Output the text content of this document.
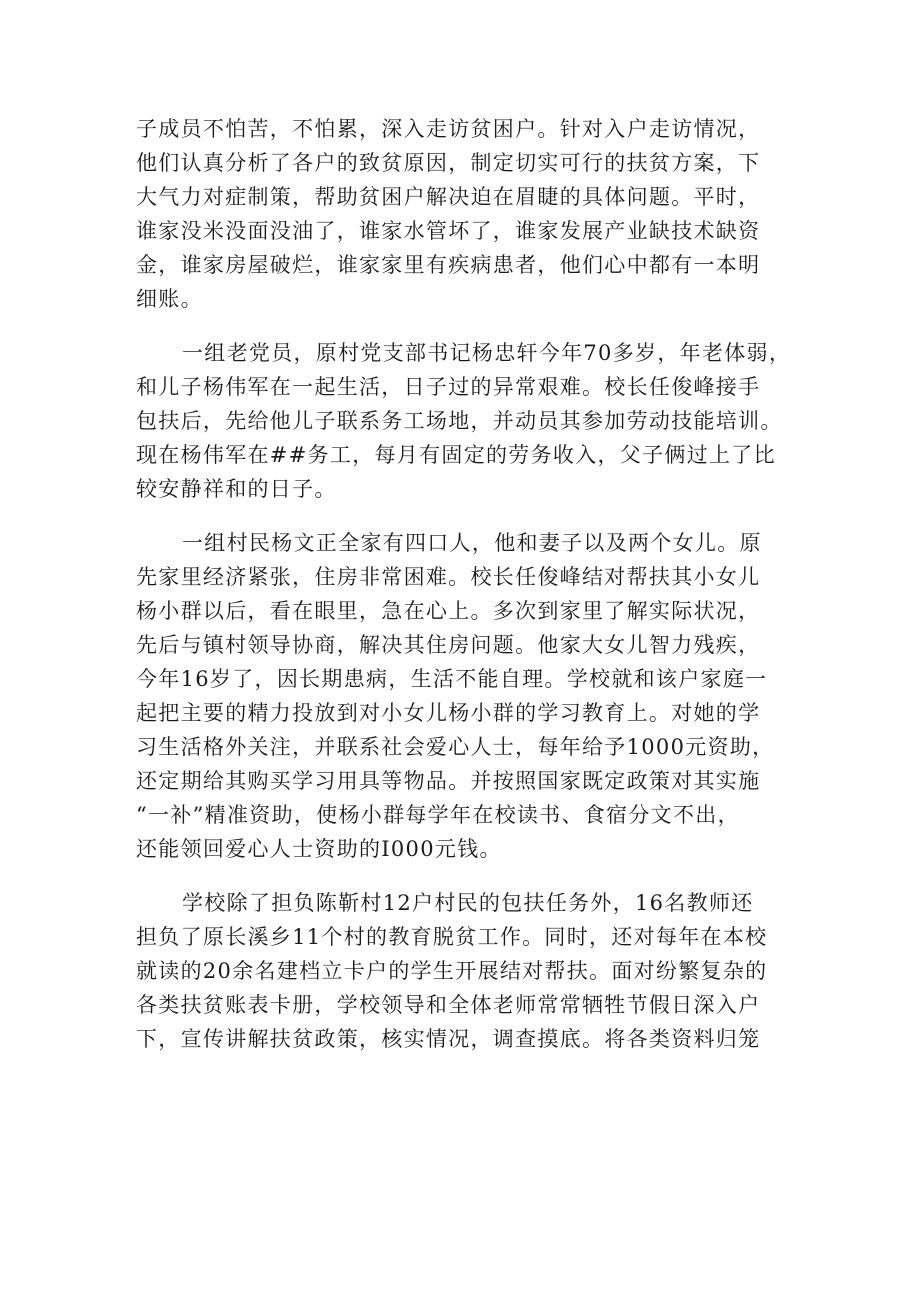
子成员不怕苦，不怕累，深入走访贫困户。针对入户走访情况，
他们认真分析了各户的致贫原因，制定切实可行的扶贫方案，下
大气力对症制策，帮助贫困户解决迫在眉睫的具体问题。平时，
谁家没米没面没油了，谁家水管坏了，谁家发展产业缺技术缺资
金，谁家房屋破烂，谁家家里有疾病患者，他们心中都有一本明
细账。
一组老党员，原村党支部书记杨忠轩今年70多岁，年老体弱，
和儿子杨伟军在一起生活，日子过的异常艰难。校长任俊峰接手
包扶后，先给他儿子联系务工场地，并动员其参加劳动技能培训。
现在杨伟军在##务工，每月有固定的劳务收入，父子俩过上了比
较安静祥和的日子。
一组村民杨文正全家有四口人，他和妻子以及两个女儿。原
先家里经济紧张，住房非常困难。校长任俊峰结对帮扶其小女儿
杨小群以后，看在眼里，急在心上。多次到家里了解实际状况，
先后与镇村领导协商，解决其住房问题。他家大女儿智力残疾，
今年16岁了，因长期患病，生活不能自理。学校就和该户家庭一
起把主要的精力投放到对小女儿杨小群的学习教育上。对她的学
习生活格外关注，并联系社会爱心人士，每年给予1000元资助，
还定期给其购买学习用具等物品。并按照国家既定政策对其实施
“一补”精准资助，使杨小群每学年在校读书、食宿分文不出，
还能领回爱心人士资助的I000元钱。
学校除了担负陈靳村12户村民的包扶任务外，16名教师还
担负了原长溪乡11个村的教育脱贫工作。同时，还对每年在本校
就读的20余名建档立卡户的学生开展结对帮扶。面对纷繁复杂的
各类扶贫账表卡册，学校领导和全体老师常常牺牲节假日深入户
下，宣传讲解扶贫政策，核实情况，调查摸底。将各类资料归笼
